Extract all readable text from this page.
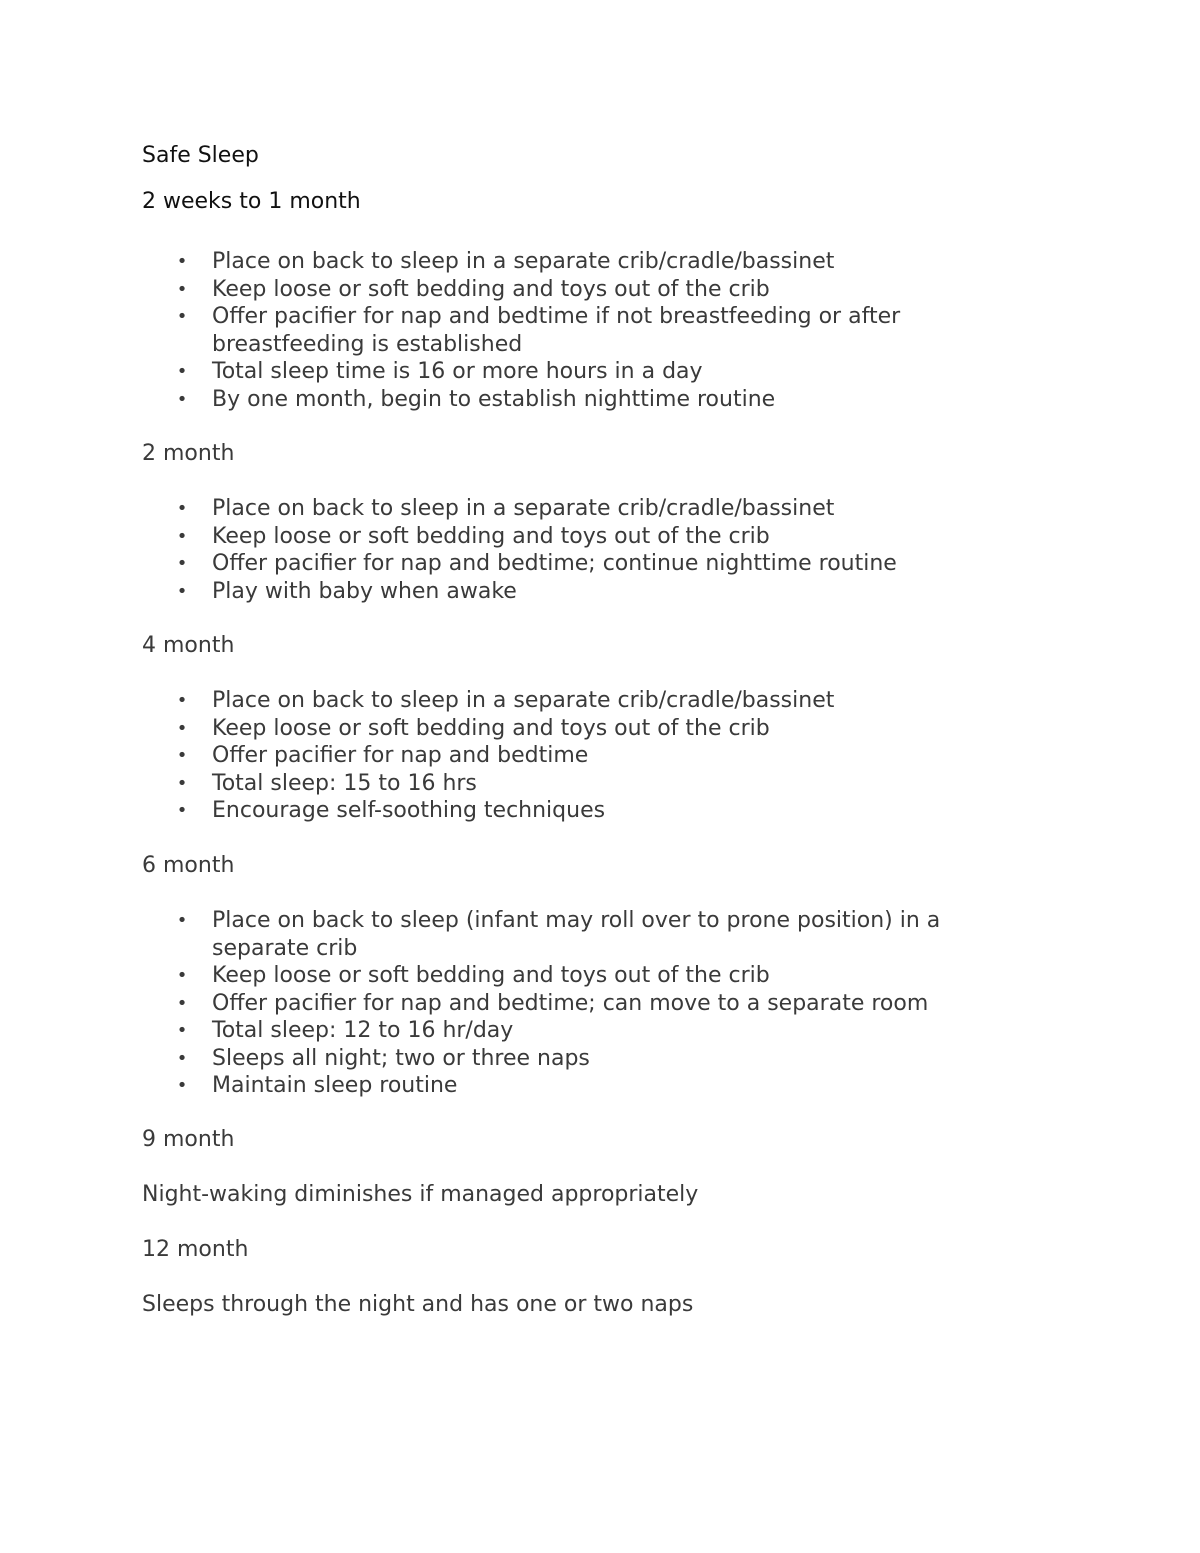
Safe Sleep
2 weeks to 1 month
• Place on back to sleep in a separate crib/cradle/bassinet
• Keep loose or soft bedding and toys out of the crib
• Offer pacifier for nap and bedtime if not breastfeeding or after breastfeeding is established
• Total sleep time is 16 or more hours in a day
• By one month, begin to establish nighttime routine
2 month
• Place on back to sleep in a separate crib/cradle/bassinet
• Keep loose or soft bedding and toys out of the crib
• Offer pacifier for nap and bedtime; continue nighttime routine
• Play with baby when awake
4 month
• Place on back to sleep in a separate crib/cradle/bassinet
• Keep loose or soft bedding and toys out of the crib
• Offer pacifier for nap and bedtime
• Total sleep: 15 to 16 hrs
• Encourage self-soothing techniques
6 month
• Place on back to sleep (infant may roll over to prone position) in a separate crib
• Keep loose or soft bedding and toys out of the crib
• Offer pacifier for nap and bedtime; can move to a separate room
• Total sleep: 12 to 16 hr/day
• Sleeps all night; two or three naps
• Maintain sleep routine
9 month

Night-waking diminishes if managed appropriately

12 month

Sleeps through the night and has one or two naps
